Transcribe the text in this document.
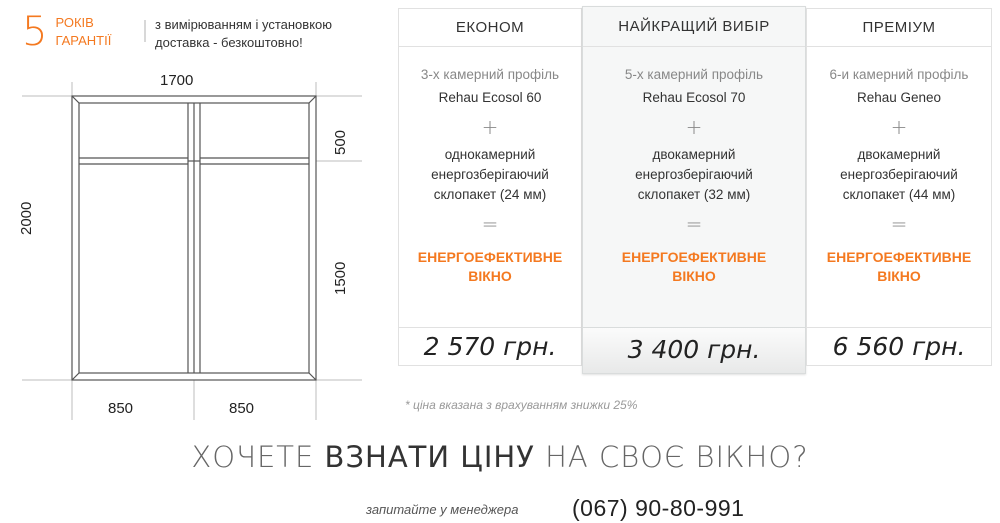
5 РОКІВ
ГАРАНТІЇ
з вимірюванням і установкою доставка - безкоштовно!
1700
2000
500
1500
850	850
ЕКОНОМ
3-х камерний профіль
Rehau Ecosol 60
+
однокамерний
енергозберігаючий
склопакет (24 мм)
=
ЕНЕРГОЕФЕКТИВНЕ
ВІКНО
2 570 грн.
НАЙКРАЩИЙ ВИБІР
5-х камерний профіль
Rehau Ecosol 70
+
двокамерний
енергозберігаючий
склопакет (32 мм)
=
ЕНЕРГОЕФЕКТИВНЕ
ВІКНО
3 400 грн.
ПРЕМІУМ
6-и камерний профіль
Rehau Geneo
+
двокамерний
енергозберігаючий
склопакет (44 мм)
=
ЕНЕРГОЕФЕКТИВНЕ
ВІКНО
6 560 грн.
* ціна вказана з врахуванням знижки 25%
ХОЧЕТЕ ВЗНАТИ ЦІНУ НА СВОЄ ВІКНО?
запитайте у менеджера (067) 90-80-991
